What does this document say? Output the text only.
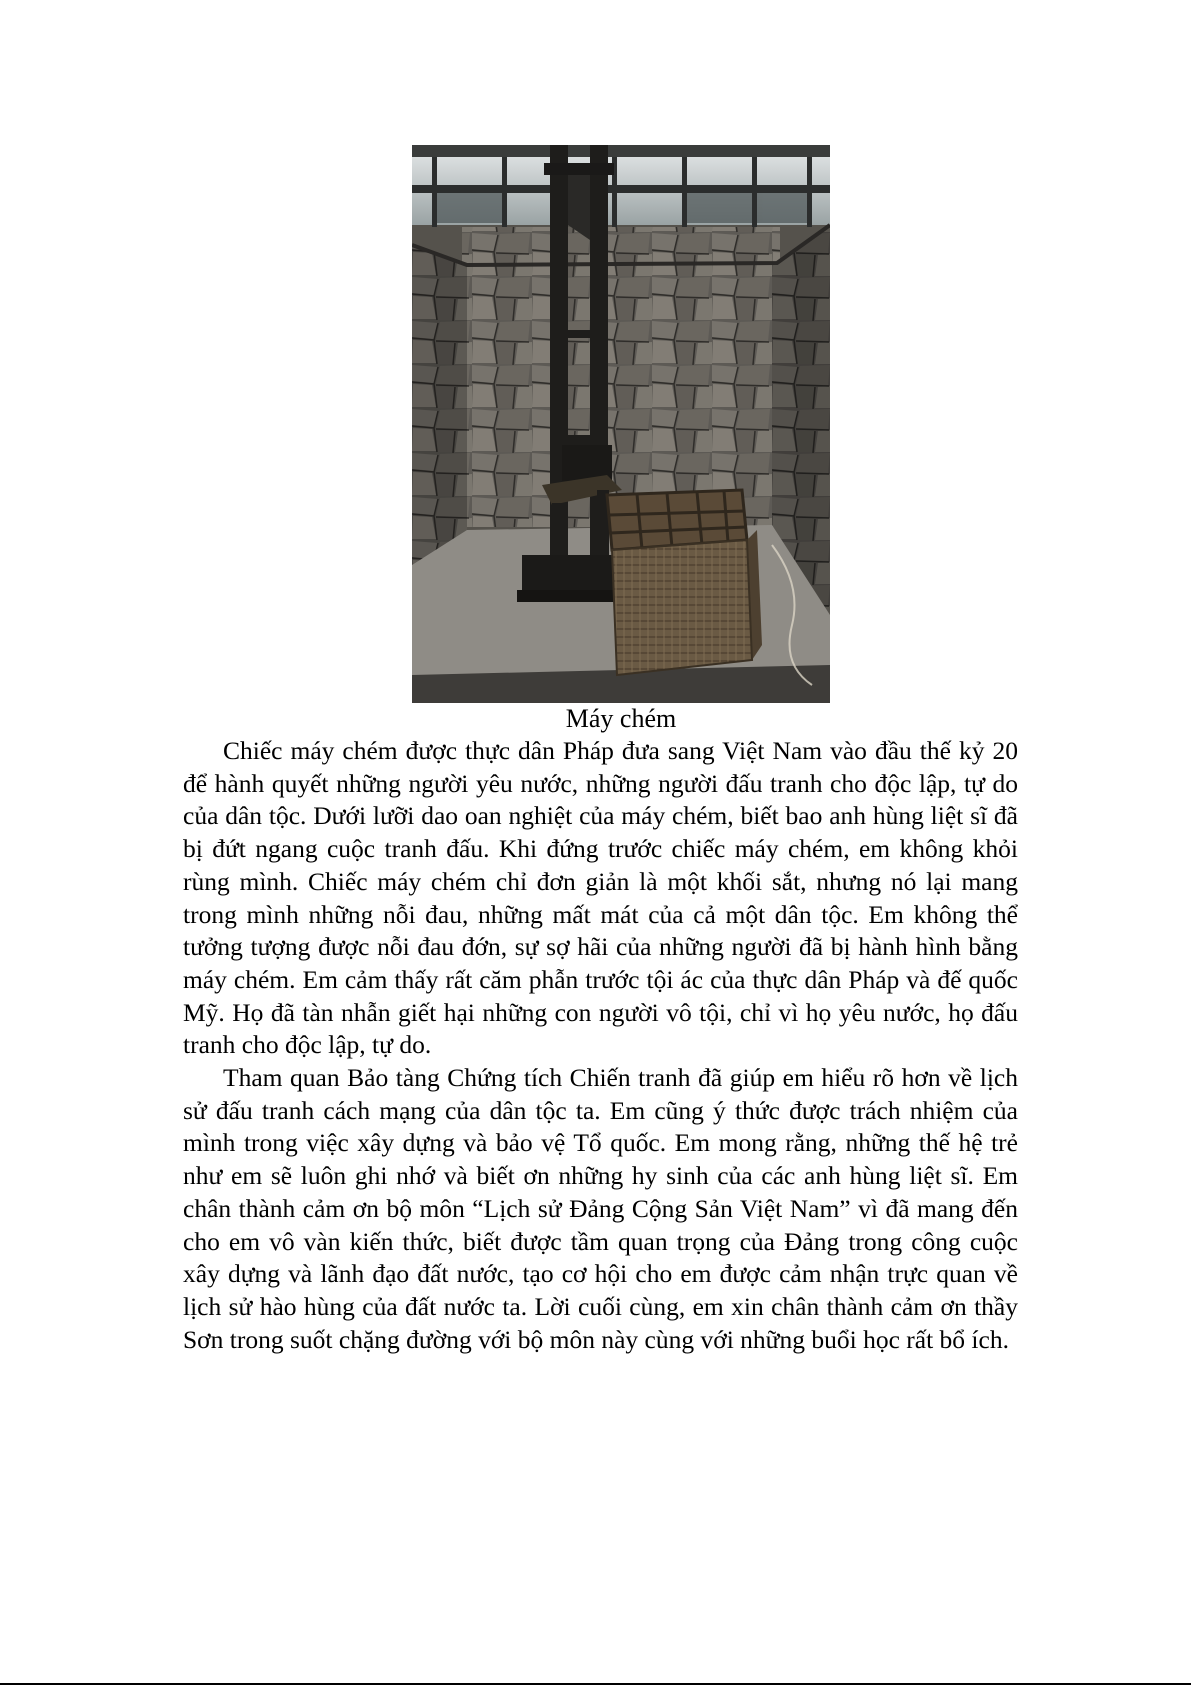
Máy chém

Chiếc máy chém được thực dân Pháp đưa sang Việt Nam vào đầu thế kỷ 20 để hành quyết những người yêu nước, những người đấu tranh cho độc lập, tự do của dân tộc. Dưới lưỡi dao oan nghiệt của máy chém, biết bao anh hùng liệt sĩ đã bị đứt ngang cuộc tranh đấu. Khi đứng trước chiếc máy chém, em không khỏi rùng mình. Chiếc máy chém chỉ đơn giản là một khối sắt, nhưng nó lại mang trong mình những nỗi đau, những mất mát của cả một dân tộc. Em không thể tưởng tượng được nỗi đau đớn, sự sợ hãi của những người đã bị hành hình bằng máy chém. Em cảm thấy rất căm phẫn trước tội ác của thực dân Pháp và đế quốc Mỹ. Họ đã tàn nhẫn giết hại những con người vô tội, chỉ vì họ yêu nước, họ đấu tranh cho độc lập, tự do.

Tham quan Bảo tàng Chứng tích Chiến tranh đã giúp em hiểu rõ hơn về lịch sử đấu tranh cách mạng của dân tộc ta. Em cũng ý thức được trách nhiệm của mình trong việc xây dựng và bảo vệ Tổ quốc. Em mong rằng, những thế hệ trẻ như em sẽ luôn ghi nhớ và biết ơn những hy sinh của các anh hùng liệt sĩ. Em chân thành cảm ơn bộ môn “Lịch sử Đảng Cộng Sản Việt Nam” vì đã mang đến cho em vô vàn kiến thức, biết được tầm quan trọng của Đảng trong công cuộc xây dựng và lãnh đạo đất nước, tạo cơ hội cho em được cảm nhận trực quan về lịch sử hào hùng của đất nước ta. Lời cuối cùng, em xin chân thành cảm ơn thầy Sơn trong suốt chặng đường với bộ môn này cùng với những buổi học rất bổ ích.
